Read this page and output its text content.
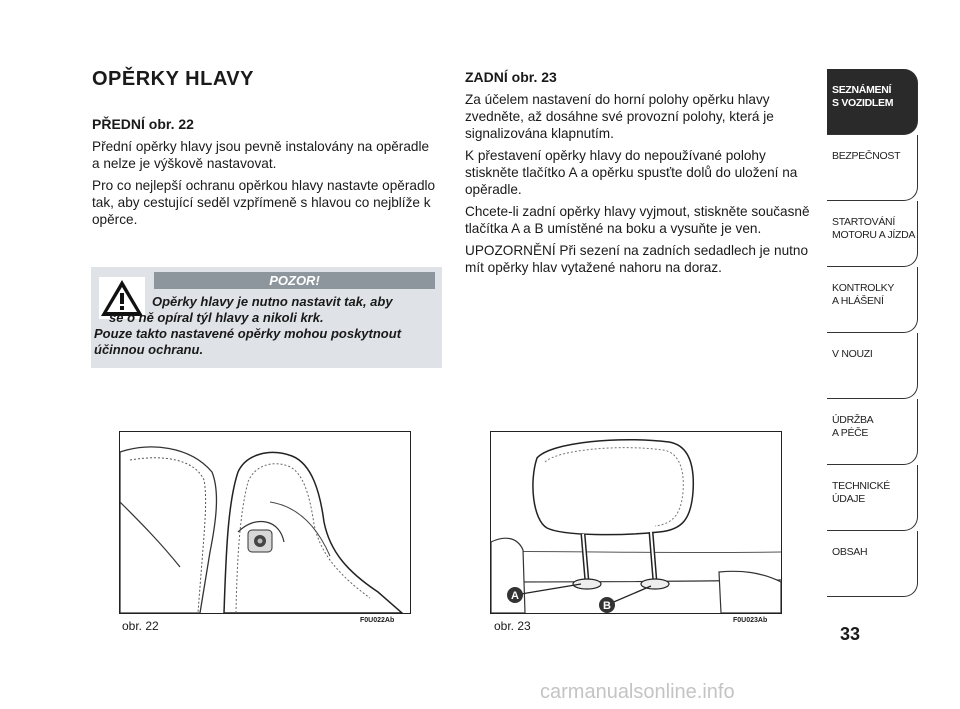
OPĚRKY HLAVY
PŘEDNÍ obr. 22

Přední opěrky hlavy jsou pevně instalovány na opěradle a nelze je výškově nastavovat.

Pro co nejlepší ochranu opěrkou hlavy nastavte opěradlo tak, aby cestující seděl vzpřímeně s hlavou co nejblíže k opěrce.

POZOR!
Opěrky hlavy je nutno nastavit tak, aby
se o ně opíral týl hlavy a nikoli krk.
Pouze takto nastavené opěrky mohou poskytnout účinnou ochranu.
ZADNÍ obr. 23

Za účelem nastavení do horní polohy opěrku hlavy zvedněte, až dosáhne své provozní polohy, která je signalizována klapnutím.

K přestavení opěrky hlavy do nepoužívané polohy stiskněte tlačítko A a opěrku spusťte dolů do uložení na opěradle.

Chcete-li zadní opěrky hlavy vyjmout, stiskněte současně tlačítka A a B umístěné na boku a vysuňte je ven.

UPOZORNĚNÍ Při sezení na zadních sedadlech je nutno mít opěrky hlav vytažené nahoru na doraz.

obr. 22	F0U022Ab
A
B
obr. 23	F0U023Ab
SEZNÁMENÍ
S VOZIDLEM
BEZPEČNOST
STARTOVÁNÍ
MOTORU A JÍZDA
KONTROLKY
A HLÁŠENÍ
V NOUZI
ÚDRŽBA
A PÉČE
TECHNICKÉ
ÚDAJE
OBSAH
33
carmanualsonline.info
